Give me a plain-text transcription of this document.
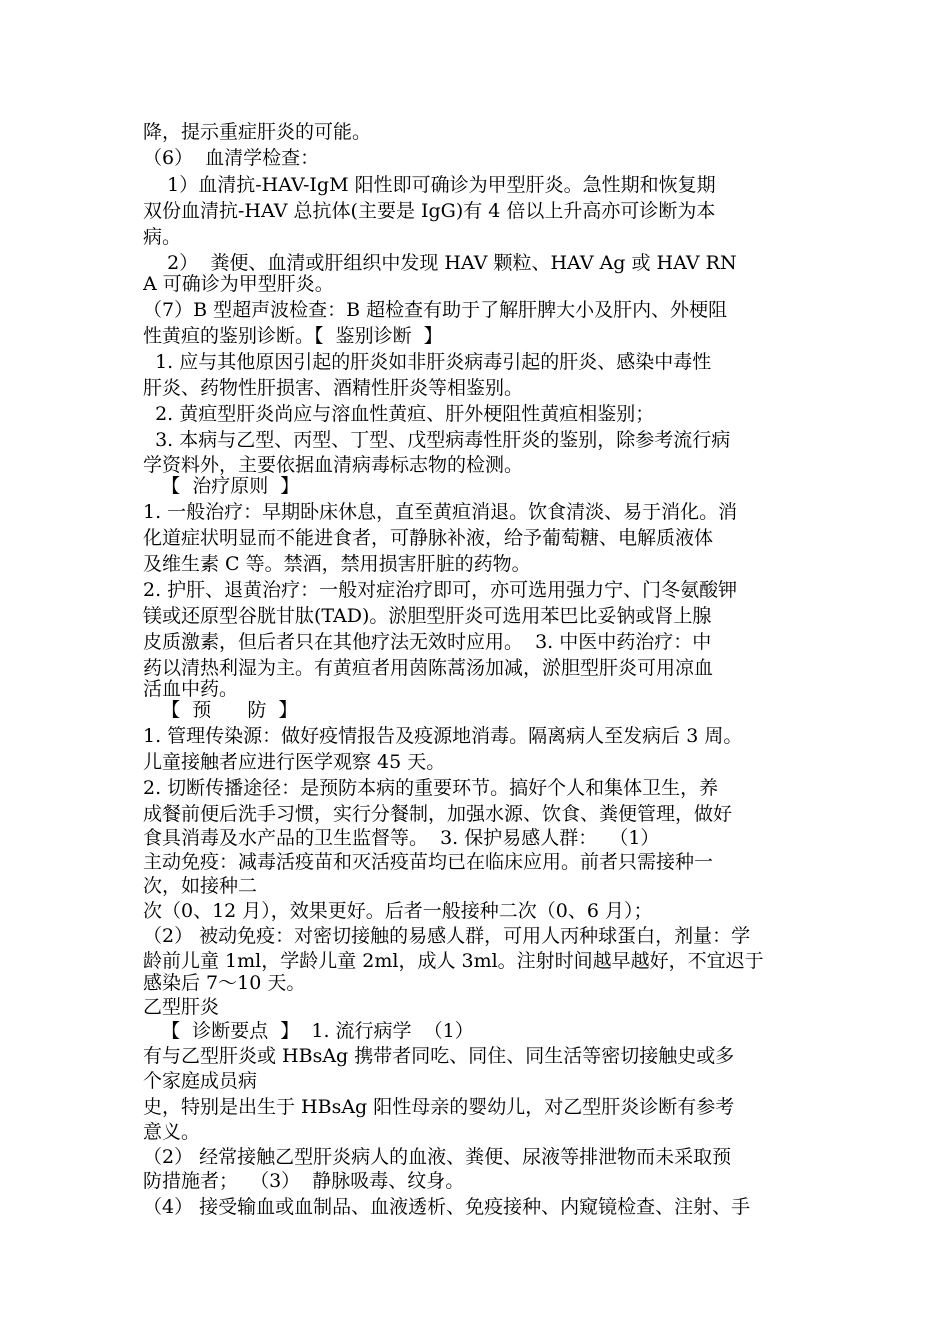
降，提示重症肝炎的可能。
（6）  血清学检查：
1）血清抗-HAV-IgM 阳性即可确诊为甲型肝炎。急性期和恢复期
双份血清抗-HAV 总抗体(主要是 IgG)有 4 倍以上升高亦可诊断为本
病。
2）  粪便、血清或肝组织中发现 HAV 颗粒、HAV Ag 或 HAV RN
A 可确诊为甲型肝炎。
（7）B 型超声波检查：B 超检查有助于了解肝脾大小及肝内、外梗阻
性黄疸的鉴别诊断。【  鉴别诊断  】
1. 应与其他原因引起的肝炎如非肝炎病毒引起的肝炎、感染中毒性
肝炎、药物性肝损害、酒精性肝炎等相鉴别。
2. 黄疸型肝炎尚应与溶血性黄疸、肝外梗阻性黄疸相鉴别；
3. 本病与乙型、丙型、丁型、戊型病毒性肝炎的鉴别，除参考流行病
学资料外，主要依据血清病毒标志物的检测。
【  治疗原则  】
1. 一般治疗：早期卧床休息，直至黄疸消退。饮食清淡、易于消化。消
化道症状明显而不能进食者，可静脉补液，给予葡萄糖、电解质液体
及维生素 C 等。禁酒，禁用损害肝脏的药物。
2. 护肝、退黄治疗：一般对症治疗即可，亦可选用强力宁、门冬氨酸钾
镁或还原型谷胱甘肽(TAD)。淤胆型肝炎可选用苯巴比妥钠或肾上腺
皮质激素，但后者只在其他疗法无效时应用。  3. 中医中药治疗：中
药以清热利湿为主。有黄疸者用茵陈蒿汤加减，淤胆型肝炎可用凉血
活血中药。
【  预      防  】
1. 管理传染源：做好疫情报告及疫源地消毒。隔离病人至发病后 3 周。
儿童接触者应进行医学观察 45 天。
2. 切断传播途径：是预防本病的重要环节。搞好个人和集体卫生，养
成餐前便后洗手习惯，实行分餐制，加强水源、饮食、粪便管理，做好
食具消毒及水产品的卫生监督等。  3. 保护易感人群：  （1）
主动免疫：减毒活疫苗和灭活疫苗均已在临床应用。前者只需接种一
次，如接种二
次（0、12 月），效果更好。后者一般接种二次（0、6 月）；
（2） 被动免疫：对密切接触的易感人群，可用人丙种球蛋白，剂量：学
龄前儿童 1ml，学龄儿童 2ml，成人 3ml。注射时间越早越好，不宜迟于
感染后 7～10 天。
乙型肝炎
【  诊断要点  】  1. 流行病学  （1）
有与乙型肝炎或 HBsAg 携带者同吃、同住、同生活等密切接触史或多
个家庭成员病
史，特别是出生于 HBsAg 阳性母亲的婴幼儿，对乙型肝炎诊断有参考
意义。
（2） 经常接触乙型肝炎病人的血液、粪便、尿液等排泄物而未采取预
防措施者；  （3）  静脉吸毒、纹身。
（4） 接受输血或血制品、血液透析、免疫接种、内窥镜检查、注射、手
